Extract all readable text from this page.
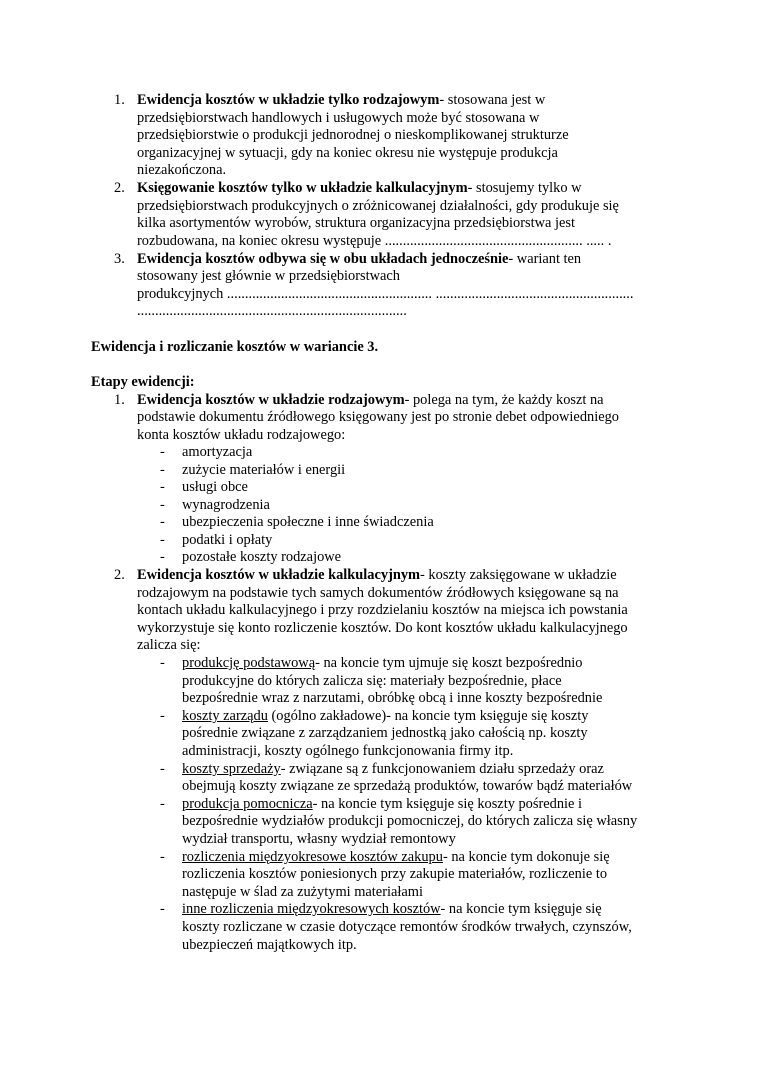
1. Ewidencja kosztów w układzie tylko rodzajowym- stosowana jest w
przedsiębiorstwach handlowych i usługowych może być stosowana w
przedsiębiorstwie o produkcji jednorodnej o nieskomplikowanej strukturze
organizacyjnej w sytuacji, gdy na koniec okresu nie występuje produkcja
niezakończona.
2. Księgowanie kosztów tylko w układzie kalkulacyjnym- stosujemy tylko w
przedsiębiorstwach produkcyjnych o zróżnicowanej działalności, gdy produkuje się
kilka asortymentów wyrobów, struktura organizacyjna przedsiębiorstwa jest
rozbudowana, na koniec okresu występuje ....................................................... ..... .
3. Ewidencja kosztów odbywa się w obu układach jednocześnie- wariant ten
stosowany jest głównie w przedsiębiorstwach
produkcyjnych ......................................................... .......................................................
...........................................................................
Ewidencja i rozliczanie kosztów w wariancie 3.
Etapy ewidencji:
1. Ewidencja kosztów w układzie rodzajowym- polega na tym, że każdy koszt na
podstawie dokumentu źródłowego księgowany jest po stronie debet odpowiedniego
konta kosztów układu rodzajowego:
- amortyzacja
- zużycie materiałów i energii
- usługi obce
- wynagrodzenia
- ubezpieczenia społeczne i inne świadczenia
- podatki i opłaty
- pozostałe koszty rodzajowe
2. Ewidencja kosztów w układzie kalkulacyjnym- koszty zaksięgowane w układzie
rodzajowym na podstawie tych samych dokumentów źródłowych księgowane są na
kontach układu kalkulacyjnego i przy rozdzielaniu kosztów na miejsca ich powstania
wykorzystuje się konto rozliczenie kosztów. Do kont kosztów układu kalkulacyjnego
zalicza się:
- produkcję podstawową- na koncie tym ujmuje się koszt bezpośrednio
produkcyjne do których zalicza się: materiały bezpośrednie, płace
bezpośrednie wraz z narzutami, obróbkę obcą i inne koszty bezpośrednie
- koszty zarządu (ogólno zakładowe)- na koncie tym księguje się koszty
pośrednie związane z zarządzaniem jednostką jako całością np. koszty
administracji, koszty ogólnego funkcjonowania firmy itp.
- koszty sprzedaży- związane są z funkcjonowaniem działu sprzedaży oraz
obejmują koszty związane ze sprzedażą produktów, towarów bądź materiałów
- produkcja pomocnicza- na koncie tym księguje się koszty pośrednie i
bezpośrednie wydziałów produkcji pomocniczej, do których zalicza się własny
wydział transportu, własny wydział remontowy
- rozliczenia międzyokresowe kosztów zakupu- na koncie tym dokonuje się
rozliczenia kosztów poniesionych przy zakupie materiałów, rozliczenie to
następuje w ślad za zużytymi materiałami
- inne rozliczenia międzyokresowych kosztów- na koncie tym księguje się
koszty rozliczane w czasie dotyczące remontów środków trwałych, czynszów,
ubezpieczeń majątkowych itp.
